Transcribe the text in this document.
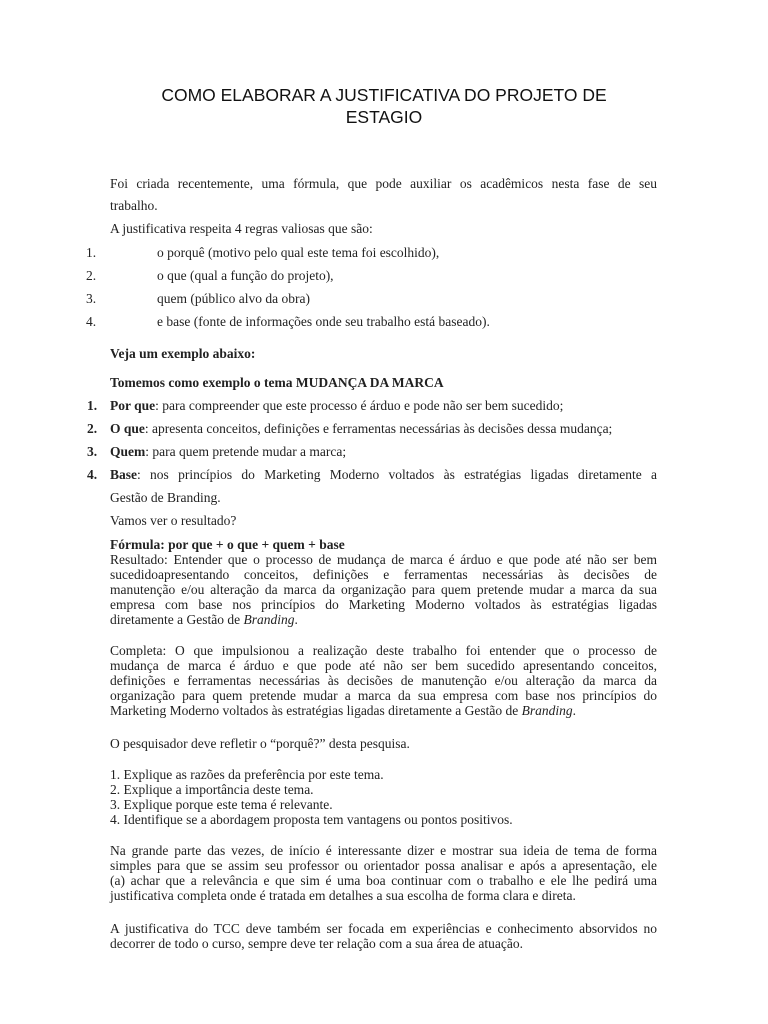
COMO ELABORAR A JUSTIFICATIVA DO PROJETO DE
ESTAGIO
Foi criada recentemente, uma fórmula, que pode auxiliar os acadêmicos nesta fase de seu
trabalho.
A justificativa respeita 4 regras valiosas que são:
1.	o porquê (motivo pelo qual este tema foi escolhido),
2.	o que (qual a função do projeto),
3.	quem (público alvo da obra)
4.	e base (fonte de informações onde seu trabalho está baseado).
Veja um exemplo abaixo:
Tomemos como exemplo o tema MUDANÇA DA MARCA
1. Por que: para compreender que este processo é árduo e pode não ser bem sucedido;
2. O que: apresenta conceitos, definições e ferramentas necessárias às decisões dessa mudança;
3. Quem: para quem pretende mudar a marca;
4. Base: nos princípios do Marketing Moderno voltados às estratégias ligadas diretamente a
Gestão de Branding.
Vamos ver o resultado?
Fórmula: por que + o que + quem + base
Resultado: Entender que o processo de mudança de marca é árduo e que pode até não ser bem
sucedidoapresentando conceitos, definições e ferramentas necessárias às decisões de
manutenção e/ou alteração da marca da organização para quem pretende mudar a marca da sua
empresa com base nos princípios do Marketing Moderno voltados às estratégias ligadas
diretamente a Gestão de Branding.
Completa: O que impulsionou a realização deste trabalho foi entender que o processo de
mudança de marca é árduo e que pode até não ser bem sucedido apresentando conceitos,
definições e ferramentas necessárias às decisões de manutenção e/ou alteração da marca da
organização para quem pretende mudar a marca da sua empresa com base nos princípios do
Marketing Moderno voltados às estratégias ligadas diretamente a Gestão de Branding.
O pesquisador deve refletir o “porquê?” desta pesquisa.
1. Explique as razões da preferência por este tema.
2. Explique a importância deste tema.
3. Explique porque este tema é relevante.
4. Identifique se a abordagem proposta tem vantagens ou pontos positivos.
Na grande parte das vezes, de início é interessante dizer e mostrar sua ideia de tema de forma
simples para que se assim seu professor ou orientador possa analisar e após a apresentação, ele
(a) achar que a relevância e que sim é uma boa continuar com o trabalho e ele lhe pedirá uma
justificativa completa onde é tratada em detalhes a sua escolha de forma clara e direta.
A justificativa do TCC deve também ser focada em experiências e conhecimento absorvidos no
decorrer de todo o curso, sempre deve ter relação com a sua área de atuação.
